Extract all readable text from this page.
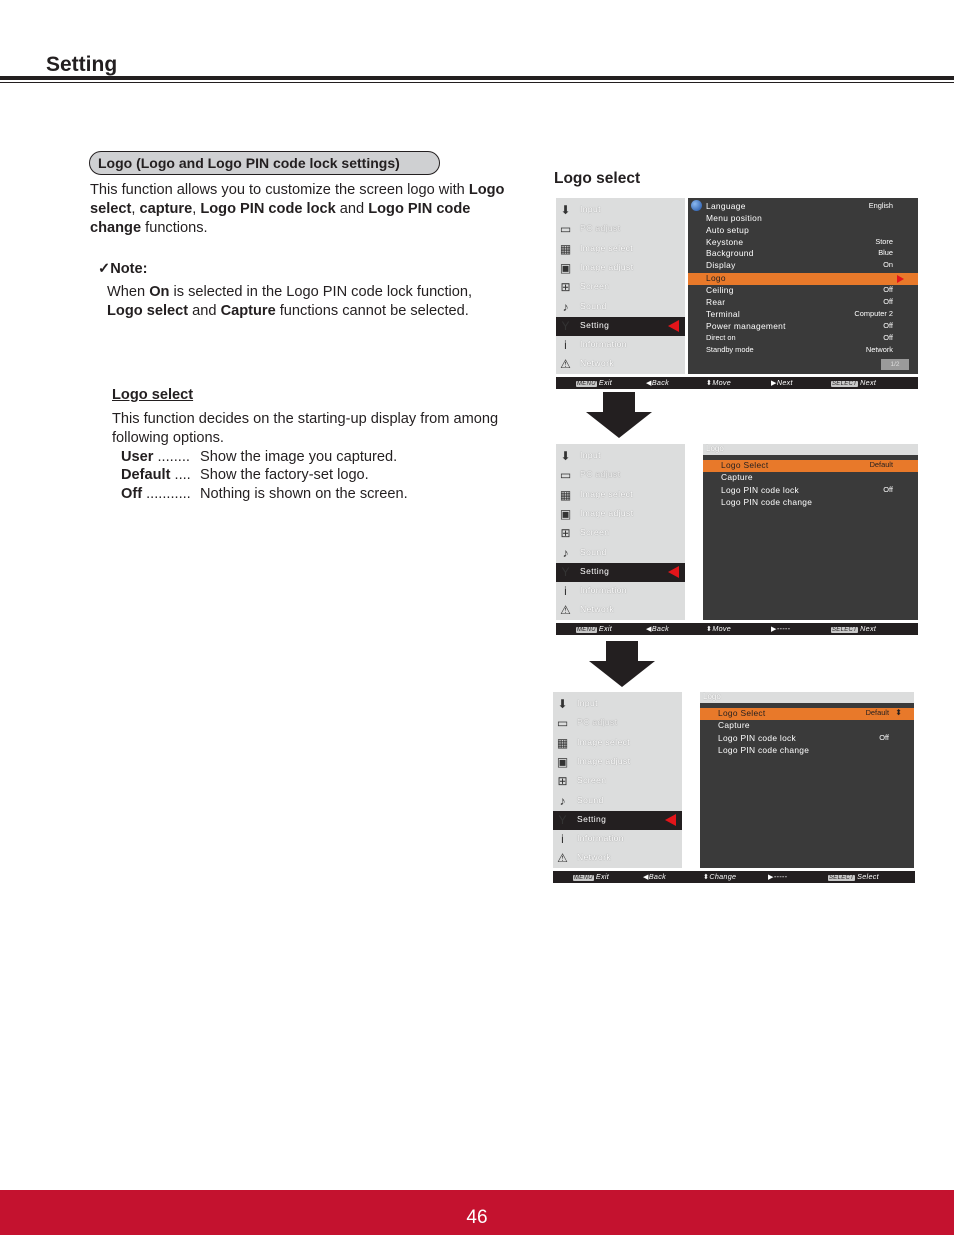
Setting
Logo (Logo and Logo PIN code lock settings)
This function allows you to customize the screen logo with Logo select, capture, Logo PIN code lock and Logo PIN code change functions.
✓Note:
When On is selected in the Logo PIN code lock function, Logo select and Capture functions cannot be selected.
Logo select
This function decides on the starting-up display from among following options.
User ........ Show the image you captured.
Default .... Show the factory-set logo.
Off ........... Nothing is shown on the screen.
Logo select
⬇ Input
▭ PC adjust
▦ Image select
▣ Image adjust
⊞ Screen
♪	Sound
Y	Setting
i	Information
⚠ Network
Language	English
Menu position
Auto setup
Keystone	Store
Background	Blue
Display	On
Logo
Ceiling	Off
Rear	Off
Terminal	Computer 2
Power management	Off
Direct on	Off
Standby mode	Network
1/2
MENU Exit	◀Back	⬍Move	▶Next	SELECT Next
⬇ Input
▭ PC adjust
▦ Image select
▣ Image adjust
⊞ Screen
♪	Sound
Y	Setting
i	Information
⚠ Network
Logo
Logo Select	Default
Capture
Logo PIN code lock	Off
Logo PIN code change
MENU Exit	◀Back	⬍Move	▶-----	SELECT Next
⬇ Input
▭ PC adjust
▦ Image select
▣ Image adjust
⊞ Screen
♪	Sound
Y	Setting
i	Information
⚠ Network
Logo
Logo Select	Default ⬍
Capture
Logo PIN code lock	Off
Logo PIN code change
MENU Exit	◀Back	⬍Change	▶-----	SELECT Select
46
